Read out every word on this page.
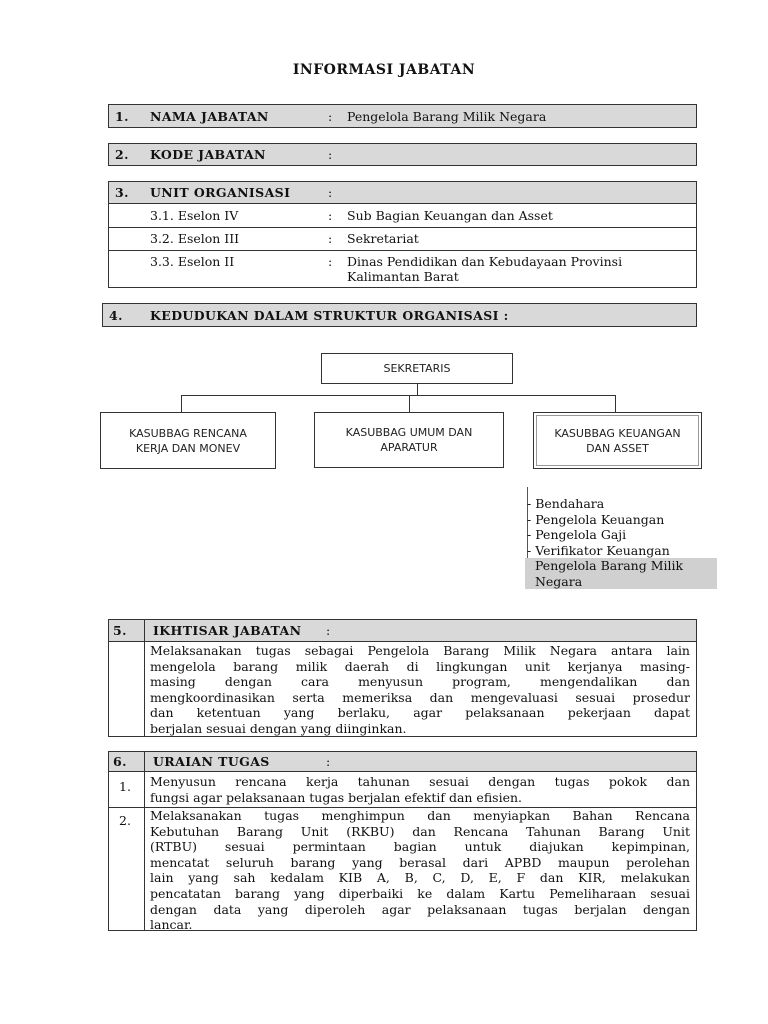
INFORMASI JABATAN
1. NAMA JABATAN	: Pengelola Barang Milik Negara
2. KODE JABATAN	:
3. UNIT ORGANISASI	:
3.1. Eselon IV	: Sub Bagian Keuangan dan Asset
3.2. Eselon III	: Sekretariat
3.3. Eselon II	: Dinas Pendidikan dan Kebudayaan Provinsi
Kalimantan Barat
4. KEDUDUKAN DALAM STRUKTUR ORGANISASI :
SEKRETARIS
KASUBBAG RENCANA
KERJA DAN MONEV
KASUBBAG UMUM DAN
APARATUR
KASUBBAG KEUANGAN
DAN ASSET
- Bendahara
- Pengelola Keuangan
- Pengelola Gaji
- Verifikator Keuangan
Pengelola Barang Milik
Negara
5. IKHTISAR JABATAN :
Melaksanakan tugas sebagai Pengelola Barang Milik Negara antara lain
mengelola barang milik daerah di lingkungan unit kerjanya masing-
masing dengan cara menyusun program, mengendalikan dan
mengkoordinasikan serta memeriksa dan mengevaluasi sesuai prosedur
dan ketentuan yang berlaku, agar pelaksanaan pekerjaan dapat
berjalan sesuai dengan yang diinginkan.
6. URAIAN TUGAS	:
1. Menyusun rencana kerja tahunan sesuai dengan tugas pokok dan
fungsi agar pelaksanaan tugas berjalan efektif dan efisien.
2. Melaksanakan tugas menghimpun dan menyiapkan Bahan Rencana
Kebutuhan Barang Unit (RKBU) dan Rencana Tahunan Barang Unit
(RTBU) sesuai permintaan bagian untuk diajukan kepimpinan,
mencatat seluruh barang yang berasal dari APBD maupun perolehan
lain yang sah kedalam KIB A, B, C, D, E, F dan KIR, melakukan
pencatatan barang yang diperbaiki ke dalam Kartu Pemeliharaan sesuai
dengan data yang diperoleh agar pelaksanaan tugas berjalan dengan
lancar.
